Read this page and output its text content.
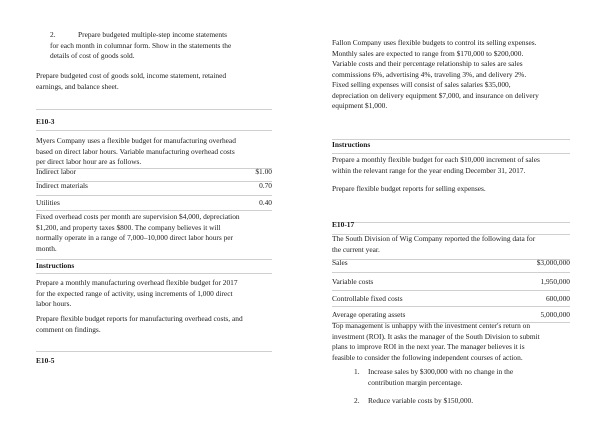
2.	Prepare budgeted multiple-step income statements

for each month in columnar form. Show in the statements the

details of cost of goods sold.

Prepare budgeted cost of goods sold, income statement, retained

earnings, and balance sheet.

E10-3

Myers Company uses a flexible budget for manufacturing overhead

based on direct labor hours. Variable manufacturing overhead costs

per direct labor hour are as follows.

Indirect labor	$1.00
Indirect materials	0.70
Utilities	0.40

Fixed overhead costs per month are supervision $4,000, depreciation

$1,200, and property taxes $800. The company believes it will

normally operate in a range of 7,000–10,000 direct labor hours per

month.

Instructions

Prepare a monthly manufacturing overhead flexible budget for 2017

for the expected range of activity, using increments of 1,000 direct

labor hours.

Prepare flexible budget reports for manufacturing overhead costs, and

comment on findings.

E10-5

Fallon Company uses flexible budgets to control its selling expenses.

Monthly sales are expected to range from $170,000 to $200,000.

Variable costs and their percentage relationship to sales are sales

commissions 6%, advertising 4%, traveling 3%, and delivery 2%.

Fixed selling expenses will consist of sales salaries $35,000,

depreciation on delivery equipment $7,000, and insurance on delivery

equipment $1,000.

Instructions

Prepare a monthly flexible budget for each $10,000 increment of sales

within the relevant range for the year ending December 31, 2017.

Prepare flexible budget reports for selling expenses.

E10-17

The South Division of Wig Company reported the following data for

the current year.

Sales	$3,000,000
Variable costs	1,950,000
Controllable fixed costs	600,000
Average operating assets	5,000,000

Top management is unhappy with the investment center's return on

investment (ROI). It asks the manager of the South Division to submit

plans to improve ROI in the next year. The manager believes it is

feasible to consider the following independent courses of action.

1. Increase sales by $300,000 with no change in the

contribution margin percentage.

2. Reduce variable costs by $150,000.
